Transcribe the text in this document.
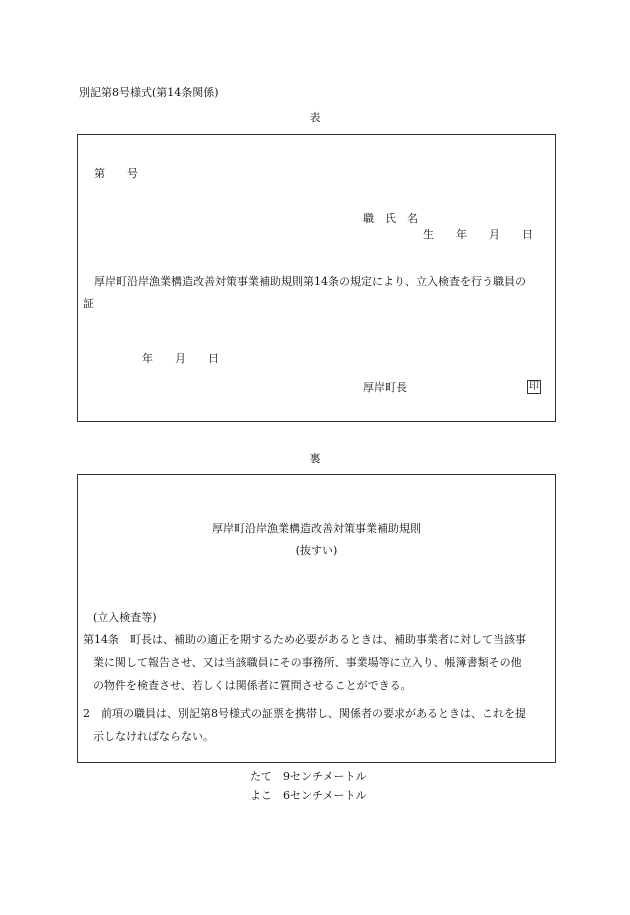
別記第8号様式(第14条関係)
表
第　　号
職　氏　名
生　　年　　月　　日
厚岸町沿岸漁業構造改善対策事業補助規則第14条の規定により、立入検査を行う職員の
証
年　　月　　日
厚岸町長	印
裏
厚岸町沿岸漁業構造改善対策事業補助規則
(抜すい)
(立入検査等)
第14条　町長は、補助の適正を期するため必要があるときは、補助事業者に対して当該事
業に関して報告させ、又は当該職員にその事務所、事業場等に立入り、帳簿書類その他
の物件を検査させ、若しくは関係者に質問させることができる。
2　前項の職員は、別記第8号様式の証票を携帯し、関係者の要求があるときは、これを提
示しなければならない。
たて　9センチメートル
よこ　6センチメートル
